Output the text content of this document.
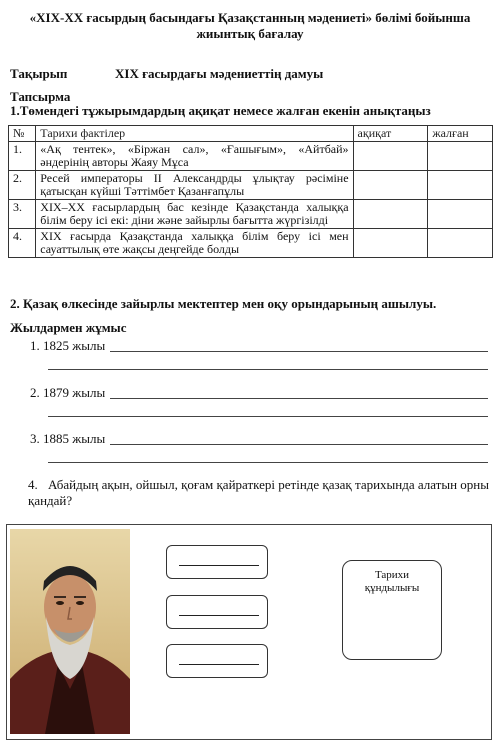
«XIX-XX ғасырдың басындағы Қазақстанның мәдениеті» бөлімі бойынша жиынтық бағалау
Тақырып	XIX ғасырдағы мәдениеттің дамуы
Тапсырма
1.Төмендегі тұжырымдардың ақиқат немесе жалған екенін анықтаңыз
№	Тарихи фактілер	ақиқат	жалған
1.	«Ақ тентек», «Біржан сал», «Ғашығым», «Айтбай» әндерінің авторы Жаяу Мұса		
2.	Ресей императоры II Александрды ұлықтау рәсіміне қатысқан күйші Тәттімбет Қазанғапұлы		
3.	XIX–XX ғасырлардың бас кезінде Қазақстанда халыққа білім беру ісі екі: діни және зайырлы бағытта жүргізілді		
4.	XIX ғасырда Қазақстанда халыққа білім беру ісі мен сауаттылық өте жақсы деңгейде болды		
2. Қазақ өлкесінде зайырлы мектептер мен оқу орындарының ашылуы.
Жылдармен жұмыс
1. 1825 жылы
2. 1879 жылы
3. 1885 жылы
4. Абайдың ақын, ойшыл, қоғам қайраткері ретінде қазақ тарихында алатын орны қандай?
Тарихи
құндылығы
